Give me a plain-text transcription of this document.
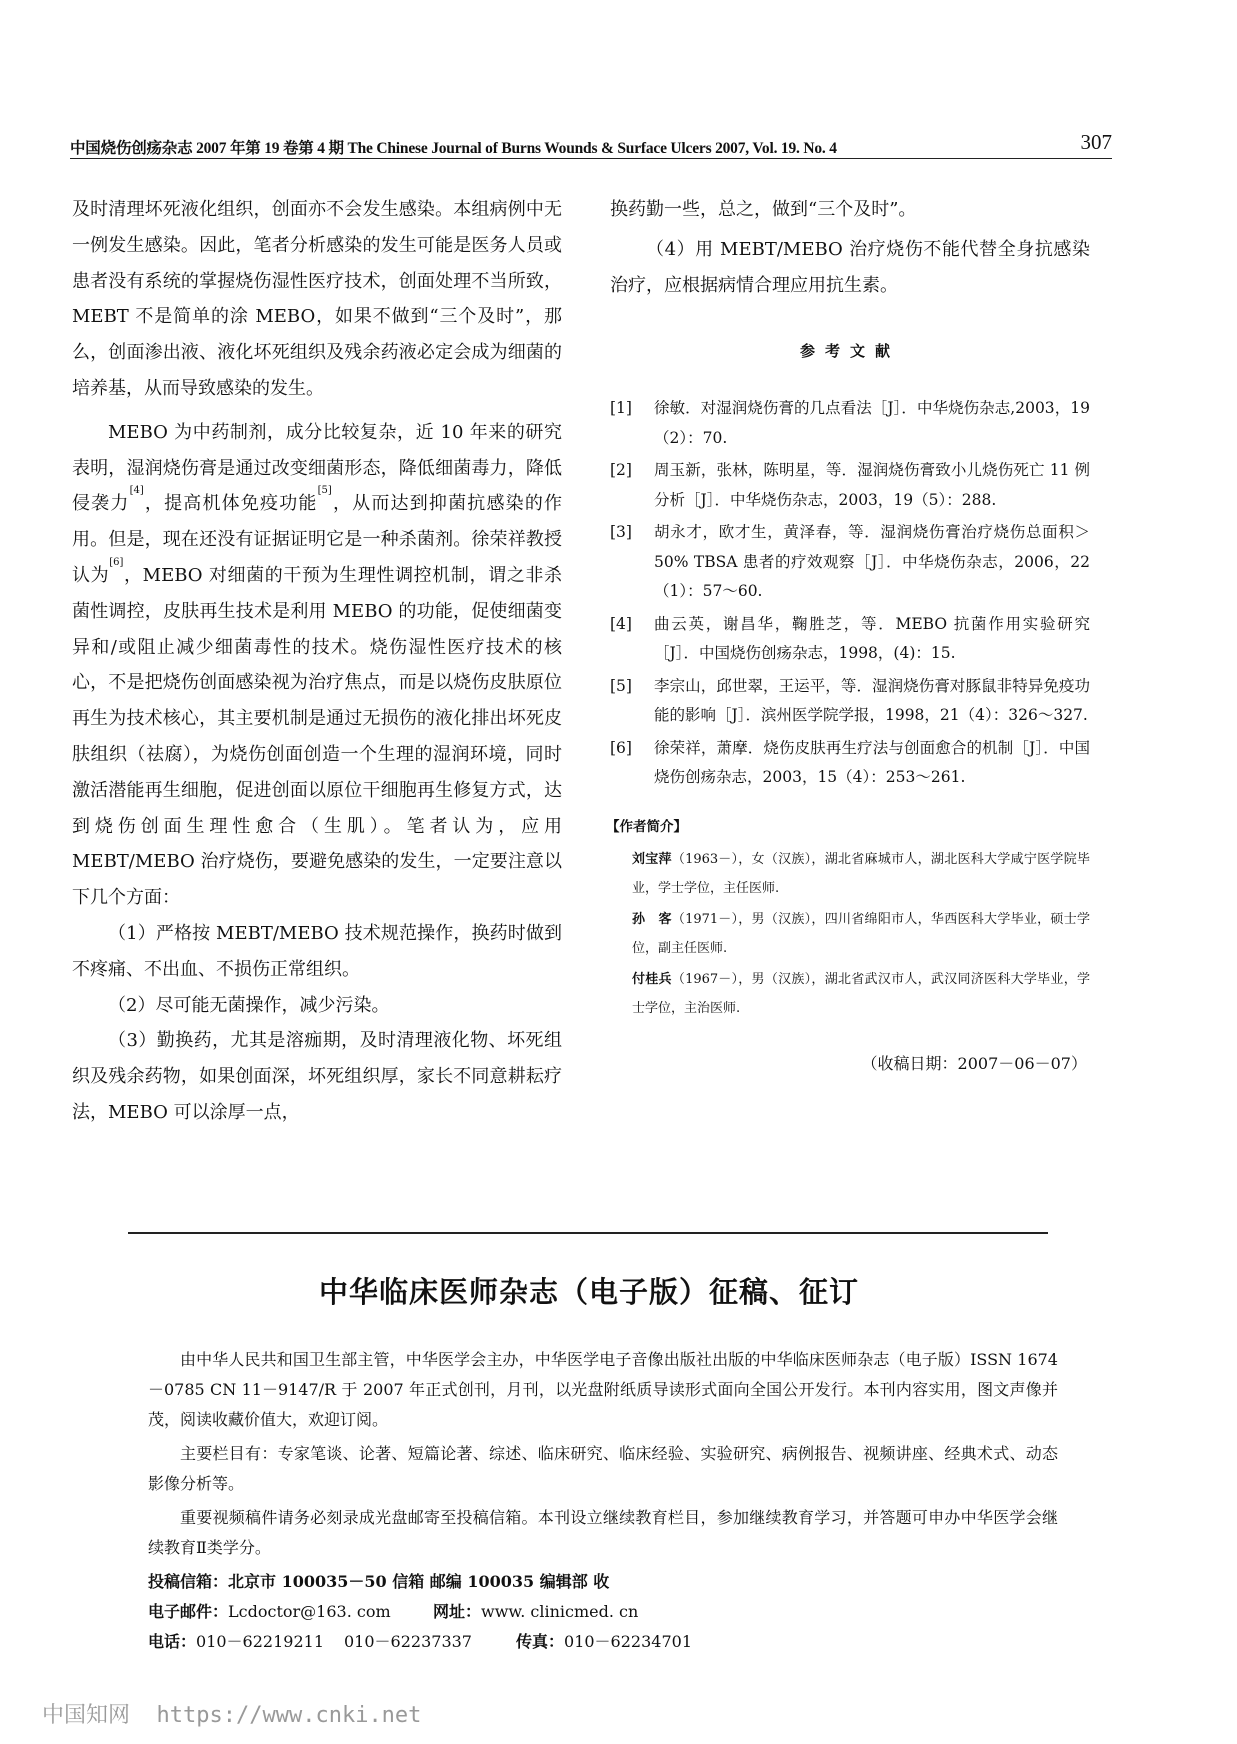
中国烧伤创疡杂志 2007 年第 19 卷第 4 期 The Chinese Journal of Burns Wounds & Surface Ulcers 2007, Vol. 19. No. 4	307

及时清理坏死液化组织，创面亦不会发生感染。本组病例中无一例发生感染。因此，笔者分析感染的发生可能是医务人员或患者没有系统的掌握烧伤湿性医疗技术，创面处理不当所致，MEBT 不是简单的涂 MEBO，如果不做到“三个及时”，那么，创面渗出液、液化坏死组织及残余药液必定会成为细菌的培养基，从而导致感染的发生。

MEBO 为中药制剂，成分比较复杂，近 10 年来的研究表明，湿润烧伤膏是通过改变细菌形态，降低细菌毒力，降低侵袭力[4]，提高机体免疫功能[5]，从而达到抑菌抗感染的作用。但是，现在还没有证据证明它是一种杀菌剂。徐荣祥教授认为[6]，MEBO 对细菌的干预为生理性调控机制，谓之非杀菌性调控，皮肤再生技术是利用 MEBO 的功能，促使细菌变异和/或阻止减少细菌毒性的技术。烧伤湿性医疗技术的核心，不是把烧伤创面感染视为治疗焦点，而是以烧伤皮肤原位再生为技术核心，其主要机制是通过无损伤的液化排出坏死皮肤组织（祛腐），为烧伤创面创造一个生理的湿润环境，同时激活潜能再生细胞，促进创面以原位干细胞再生修复方式，达到烧伤创面生理性愈合（生肌）。笔者认为，应用 MEBT/MEBO 治疗烧伤，要避免感染的发生，一定要注意以下几个方面：

（1）严格按 MEBT/MEBO 技术规范操作，换药时做到不疼痛、不出血、不损伤正常组织。

（2）尽可能无菌操作，减少污染。

（3）勤换药，尤其是溶痂期，及时清理液化物、坏死组织及残余药物，如果创面深，坏死组织厚，家长不同意耕耘疗法，MEBO 可以涂厚一点，

换药勤一些，总之，做到“三个及时”。

（4）用 MEBT/MEBO 治疗烧伤不能代替全身抗感染治疗，应根据病情合理应用抗生素。

参考文献
[1]	徐敏．对湿润烧伤膏的几点看法［J］．中华烧伤杂志,2003，19（2）：70.
[2]	周玉新，张林，陈明星，等．湿润烧伤膏致小儿烧伤死亡 11 例分析［J］．中华烧伤杂志，2003，19（5）：288.
[3]	胡永才，欧才生，黄泽春，等．湿润烧伤膏治疗烧伤总面积＞50% TBSA 患者的疗效观察［J］．中华烧伤杂志，2006，22（1）：57～60.
[4]	曲云英，谢昌华，鞠胜芝，等．MEBO 抗菌作用实验研究［J］．中国烧伤创疡杂志，1998，(4)：15.
[5]	李宗山，邱世翠，王运平，等．湿润烧伤膏对豚鼠非特异免疫功能的影响［J］．滨州医学院学报，1998，21（4）：326～327.
[6]	徐荣祥，萧摩．烧伤皮肤再生疗法与创面愈合的机制［J］．中国烧伤创疡杂志，2003，15（4）：253～261.
【作者简介】
刘宝萍（1963－），女（汉族），湖北省麻城市人，湖北医科大学咸宁医学院毕业，学士学位，主任医师.
孙　客（1971－），男（汉族），四川省绵阳市人，华西医科大学毕业，硕士学位，副主任医师.
付桂兵（1967－），男（汉族），湖北省武汉市人，武汉同济医科大学毕业，学士学位，主治医师.
（收稿日期：2007－06－07）
中华临床医师杂志（电子版）征稿、征订

由中华人民共和国卫生部主管，中华医学会主办，中华医学电子音像出版社出版的中华临床医师杂志（电子版）ISSN 1674－0785 CN 11－9147/R 于 2007 年正式创刊，月刊，以光盘附纸质导读形式面向全国公开发行。本刊内容实用，图文声像并茂，阅读收藏价值大，欢迎订阅。

主要栏目有：专家笔谈、论著、短篇论著、综述、临床研究、临床经验、实验研究、病例报告、视频讲座、经典术式、动态影像分析等。

重要视频稿件请务必刻录成光盘邮寄至投稿信箱。本刊设立继续教育栏目，参加继续教育学习，并答题可申办中华医学会继续教育Ⅱ类学分。

投稿信箱：北京市 100035－50 信箱 邮编 100035 编辑部 收
电子邮件：Lcdoctor@163. com	网址：www. clinicmed. cn
电话：010－62219211 010－62237337	传真：010－62234701
中国知网 https://www.cnki.net
